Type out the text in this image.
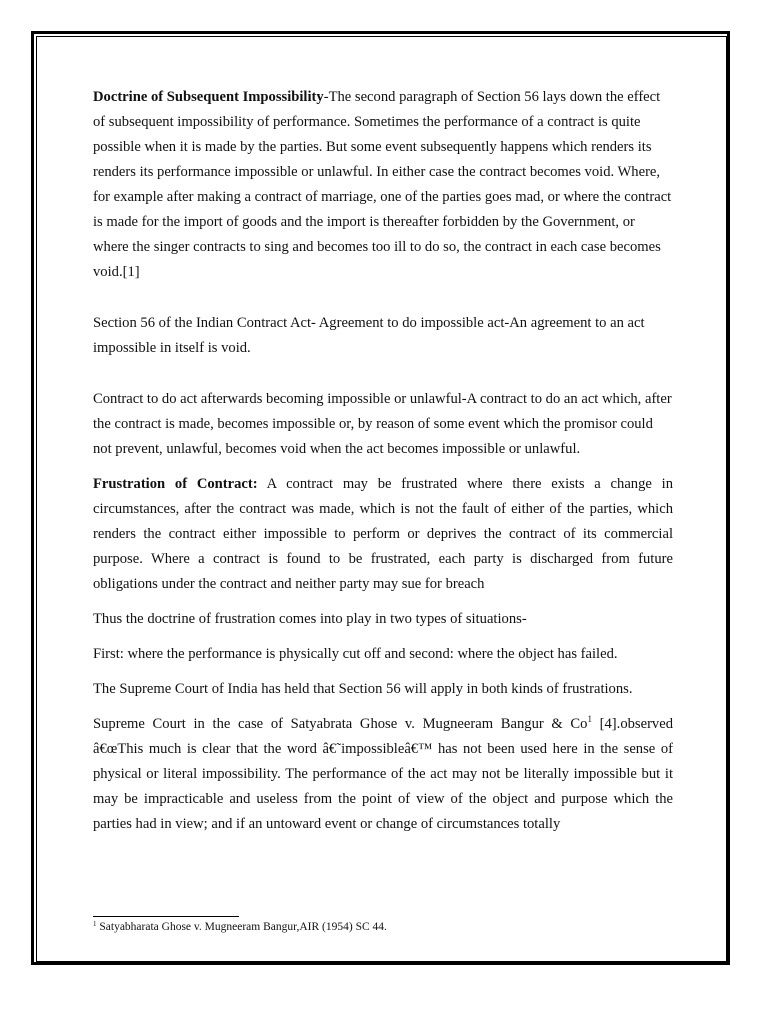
Doctrine of Subsequent Impossibility-The second paragraph of Section 56 lays down the effect of subsequent impossibility of performance. Sometimes the performance of a contract is quite possible when it is made by the parties. But some event subsequently happens which renders its renders its performance impossible or unlawful. In either case the contract becomes void. Where, for example after making a contract of marriage, one of the parties goes mad, or where the contract is made for the import of goods and the import is thereafter forbidden by the Government, or where the singer contracts to sing and becomes too ill to do so, the contract in each case becomes void.[1]

Section 56 of the Indian Contract Act- Agreement to do impossible act-An agreement to an act impossible in itself is void.

Contract to do act afterwards becoming impossible or unlawful-A contract to do an act which, after the contract is made, becomes impossible or, by reason of some event which the promisor could not prevent, unlawful, becomes void when the act becomes impossible or unlawful.

Frustration of Contract: A contract may be frustrated where there exists a change in circumstances, after the contract was made, which is not the fault of either of the parties, which renders the contract either impossible to perform or deprives the contract of its commercial purpose. Where a contract is found to be frustrated, each party is discharged from future obligations under the contract and neither party may sue for breach

Thus the doctrine of frustration comes into play in two types of situations-

First: where the performance is physically cut off and second: where the object has failed.

The Supreme Court of India has held that Section 56 will apply in both kinds of frustrations.

Supreme Court in the case of Satyabrata Ghose v. Mugneeram Bangur & Co$^1$ [4].observed â€œThis much is clear that the word â€˜impossibleâ€™ has not been used here in the sense of physical or literal impossibility. The performance of the act may not be literally impossible but it may be impracticable and useless from the point of view of the object and purpose which the parties had in view; and if an untoward event or change of circumstances totally

$^1$ Satyabharata Ghose v. Mugneeram Bangur,AIR (1954) SC 44.
